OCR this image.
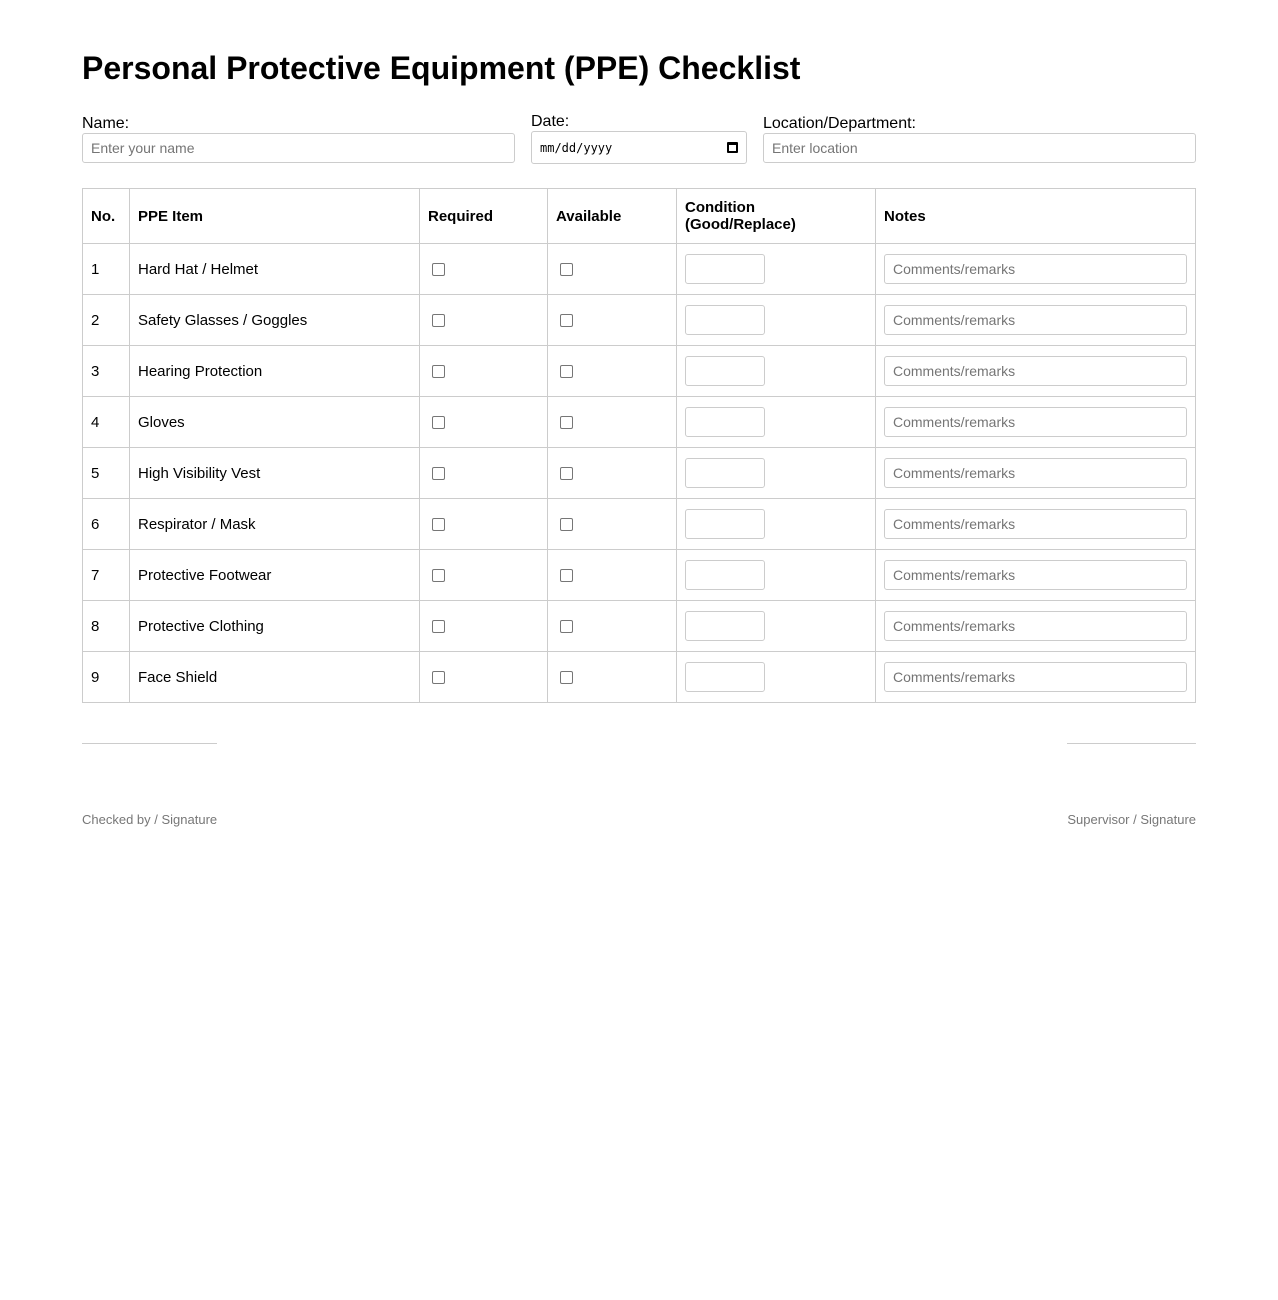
Personal Protective Equipment (PPE) Checklist
Name:
Enter your name
Date:
mm/dd/yyyy
Location/Department:
Enter location
No.	PPE Item	Required	Available	Condition (Good/Replace)	Notes
1	Hard Hat / Helmet				Comments/remarks

2	Safety Glasses / Goggles				Comments/remarks

3	Hearing Protection				Comments/remarks

4	Gloves				Comments/remarks

5	High Visibility Vest				Comments/remarks

6	Respirator / Mask				Comments/remarks

7	Protective Footwear				Comments/remarks

8	Protective Clothing				Comments/remarks

9	Face Shield				Comments/remarks
Checked by / Signature	Supervisor / Signature
